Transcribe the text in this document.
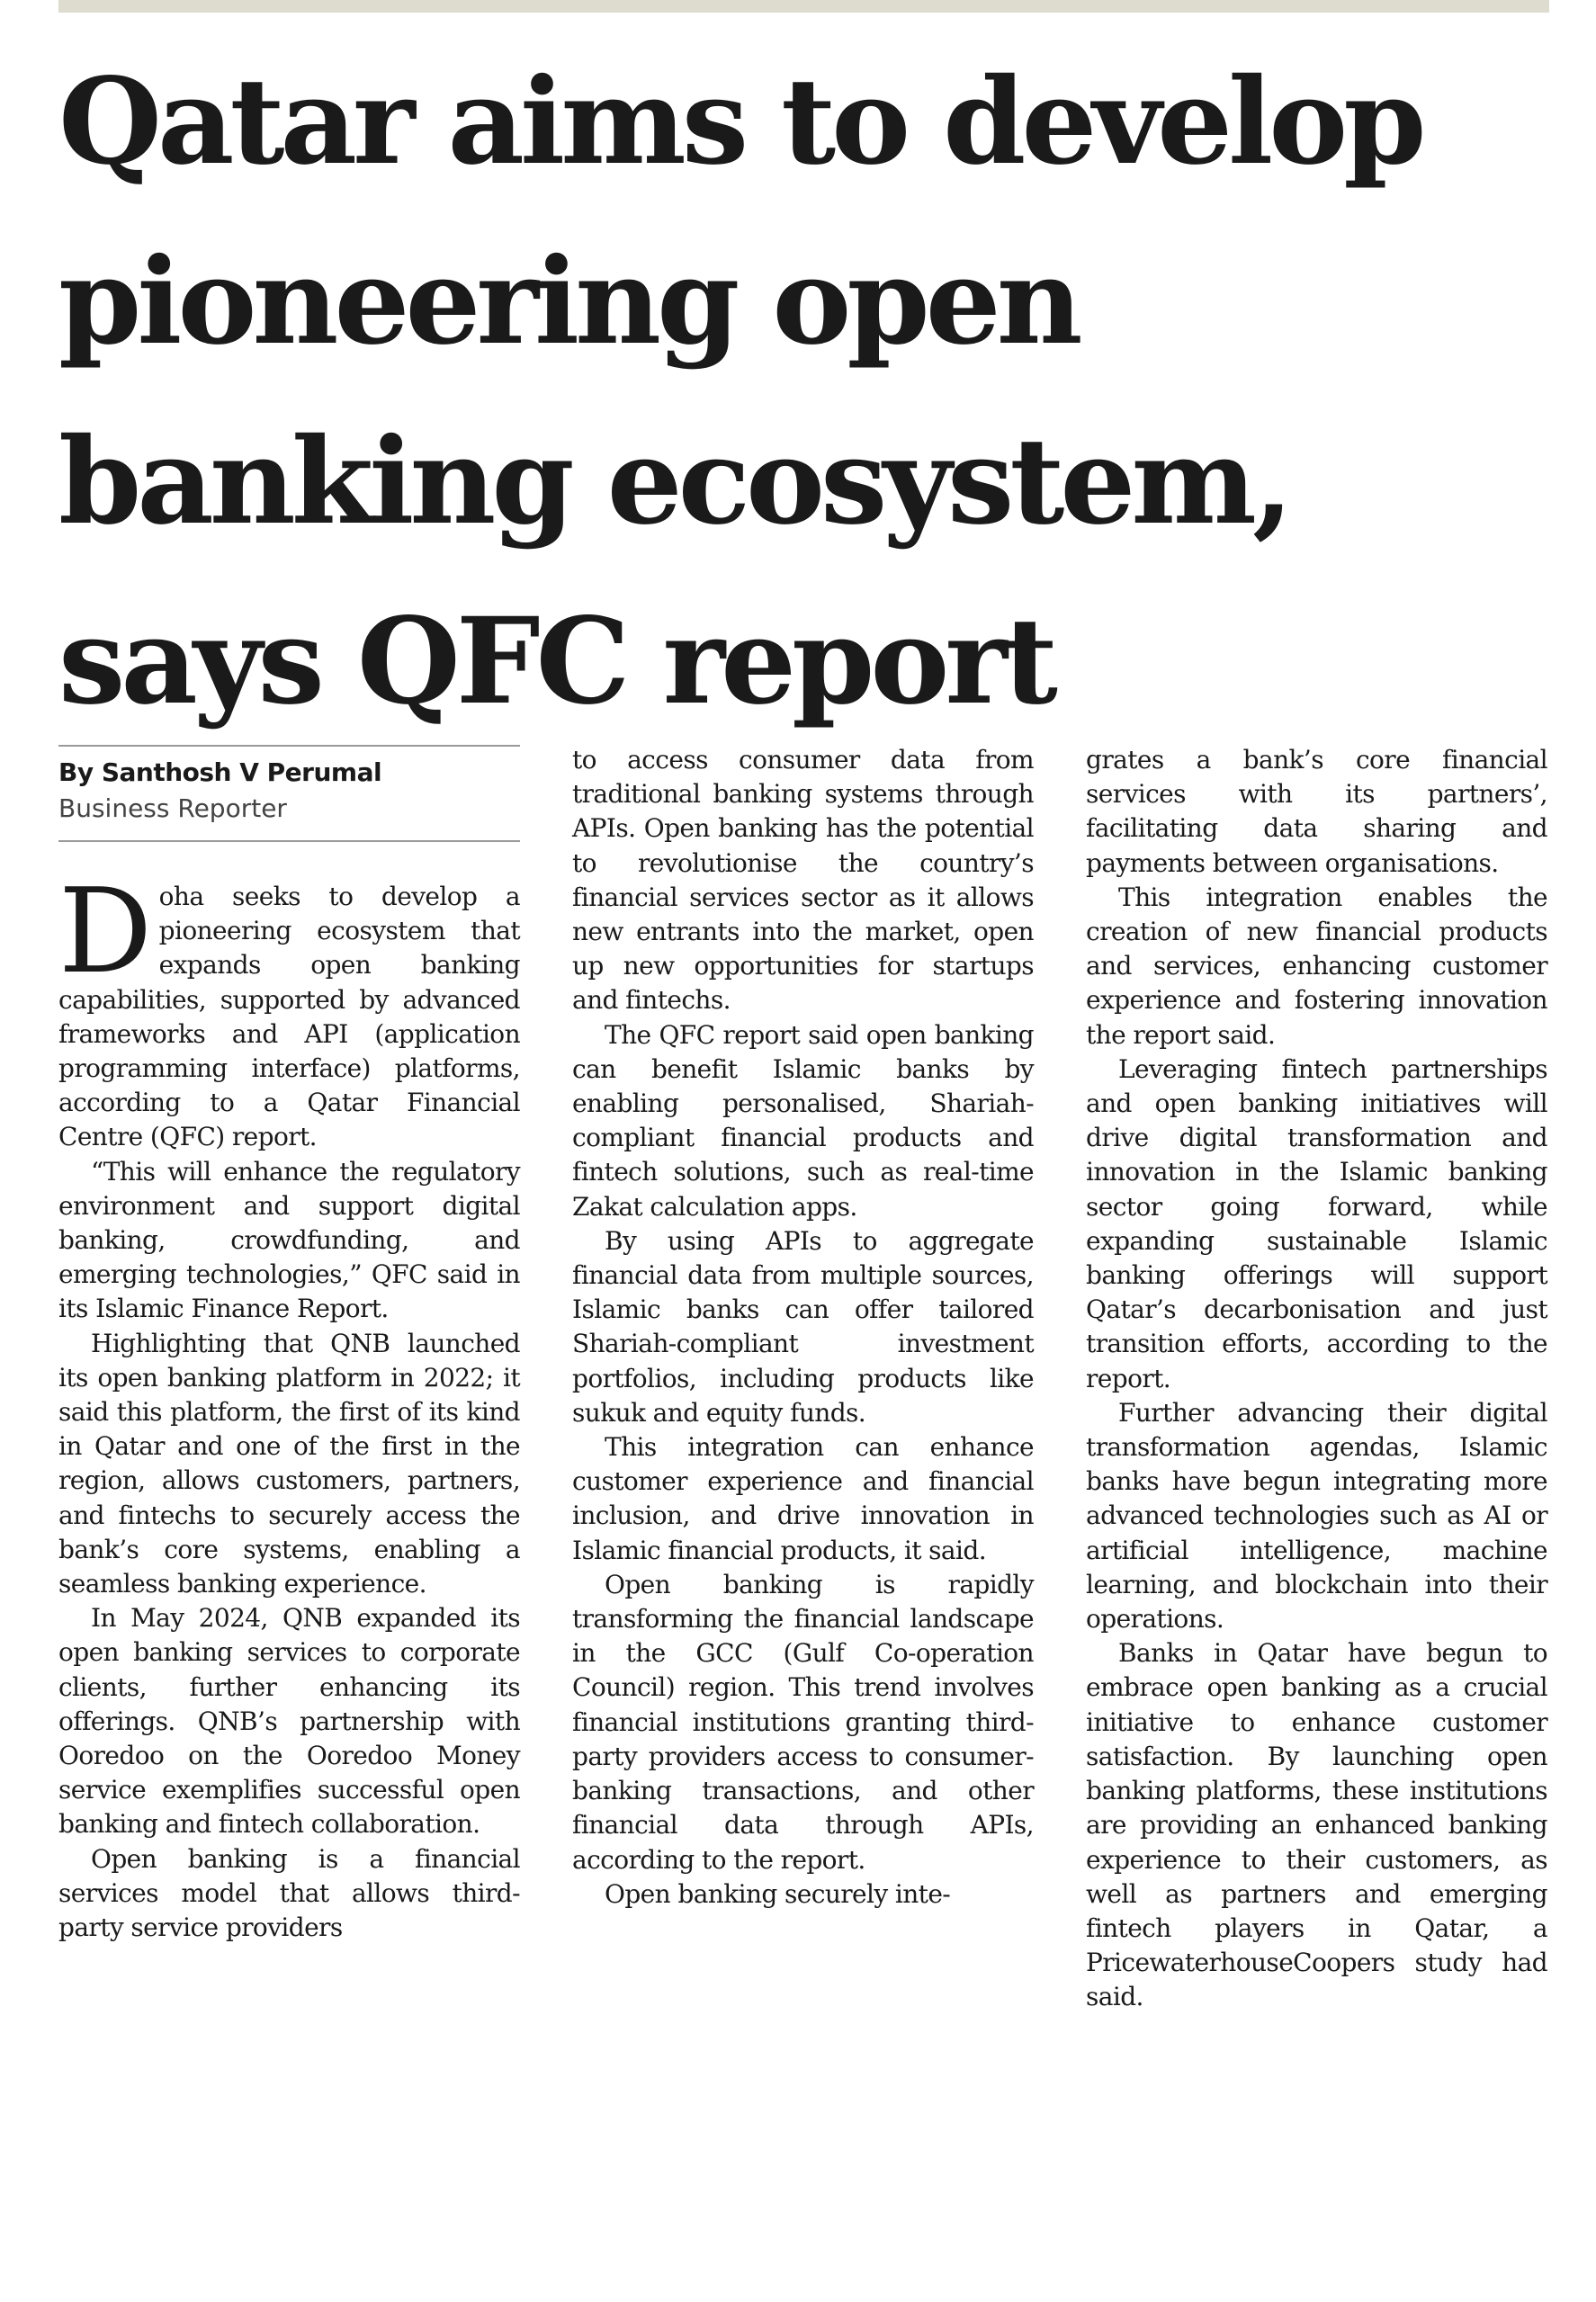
Qatar aims to develop
pioneering open
banking ecosystem,
says QFC report
By Santhosh V Perumal
Business Reporter

Doha seeks to develop a pioneering ecosystem that expands open banking capabilities, supported by advanced frameworks and API (application programming interface) platforms, according to a Qatar Financial Centre (QFC) report.

“This will enhance the regulatory environment and support digital banking, crowdfunding, and emerging technologies,” QFC said in its Islamic Finance Report.

Highlighting that QNB launched its open banking platform in 2022; it said this platform, the first of its kind in Qatar and one of the first in the region, allows customers, partners, and fintechs to securely access the bank’s core systems, enabling a seamless banking experience.

In May 2024, QNB expanded its open banking services to corporate clients, further enhancing its offerings. QNB’s partnership with Ooredoo on the Ooredoo Money service exemplifies successful open banking and fintech collaboration.

Open banking is a financial services model that allows third-party service providers

to access consumer data from traditional banking systems through APIs. Open banking has the potential to revolutionise the country’s financial services sector as it allows new entrants into the market, open up new opportunities for startups and fintechs.

The QFC report said open banking can benefit Islamic banks by enabling personalised, Shariah-compliant financial products and fintech solutions, such as real-time Zakat calculation apps.

By using APIs to aggregate financial data from multiple sources, Islamic banks can offer tailored Shariah-compliant investment portfolios, including products like sukuk and equity funds.

This integration can enhance customer experience and financial inclusion, and drive innovation in Islamic financial products, it said.

Open banking is rapidly transforming the financial landscape in the GCC (Gulf Co-operation Council) region. This trend involves financial institutions granting third-party providers access to consumer-banking transactions, and other financial data through APIs, according to the report.

Open banking securely inte-

grates a bank’s core financial services with its partners’, facilitating data sharing and payments between organisations.

This integration enables the creation of new financial products and services, enhancing customer experience and fostering innovation the report said.

Leveraging fintech partnerships and open banking initiatives will drive digital transformation and innovation in the Islamic banking sector going forward, while expanding sustainable Islamic banking offerings will support Qatar’s decarbonisation and just transition efforts, according to the report.

Further advancing their digital transformation agendas, Islamic banks have begun integrating more advanced technologies such as AI or artificial intelligence, machine learning, and blockchain into their operations.

Banks in Qatar have begun to embrace open banking as a crucial initiative to enhance customer satisfaction. By launching open banking platforms, these institutions are providing an enhanced banking experience to their customers, as well as partners and emerging fintech players in Qatar, a PricewaterhouseCoopers study had said.
